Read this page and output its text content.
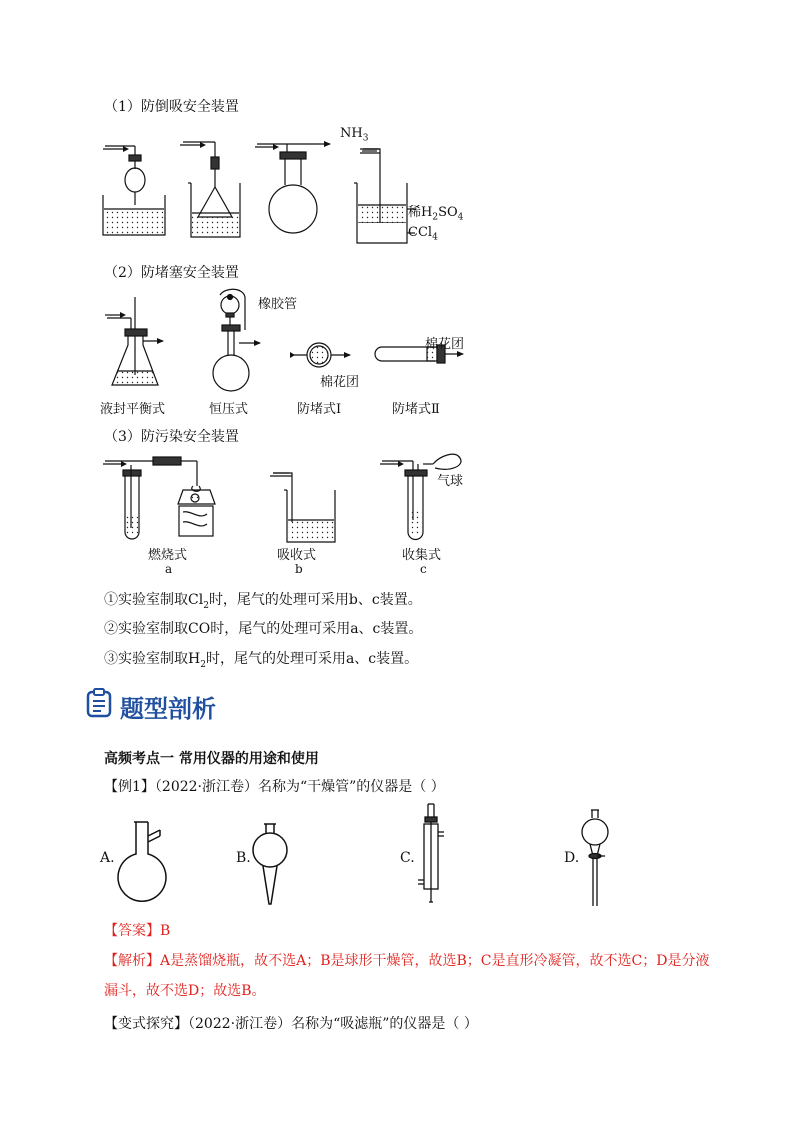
（1）防倒吸安全装置
$NH_3$
稀$H_2SO_4$
CCl$_4$
（2）防堵塞安全装置
橡胶管
棉花团
棉花团
液封平衡式	恒压式	防堵式Ⅰ	防堵式Ⅱ
（3）防污染安全装置
气球
燃烧式	吸收式	收集式
a	b	c
①实验室制取$Cl_2$时，尾气的处理可采用b、c装置。
②实验室制取CO时，尾气的处理可采用a、c装置。
③实验室制取$H_2$时，尾气的处理可采用a、c装置。
题型剖析
高频考点一 常用仪器的用途和使用
【例1】（2022·浙江卷）名称为“干燥管”的仪器是（ ）
A.	B.	C.	D.
【答案】B
【解析】A是蒸馏烧瓶，故不选A；B是球形干燥管，故选B；C是直形冷凝管，故不选C；D是分液
漏斗，故不选D；故选B。
【变式探究】（2022·浙江卷）名称为“吸滤瓶”的仪器是（ ）
